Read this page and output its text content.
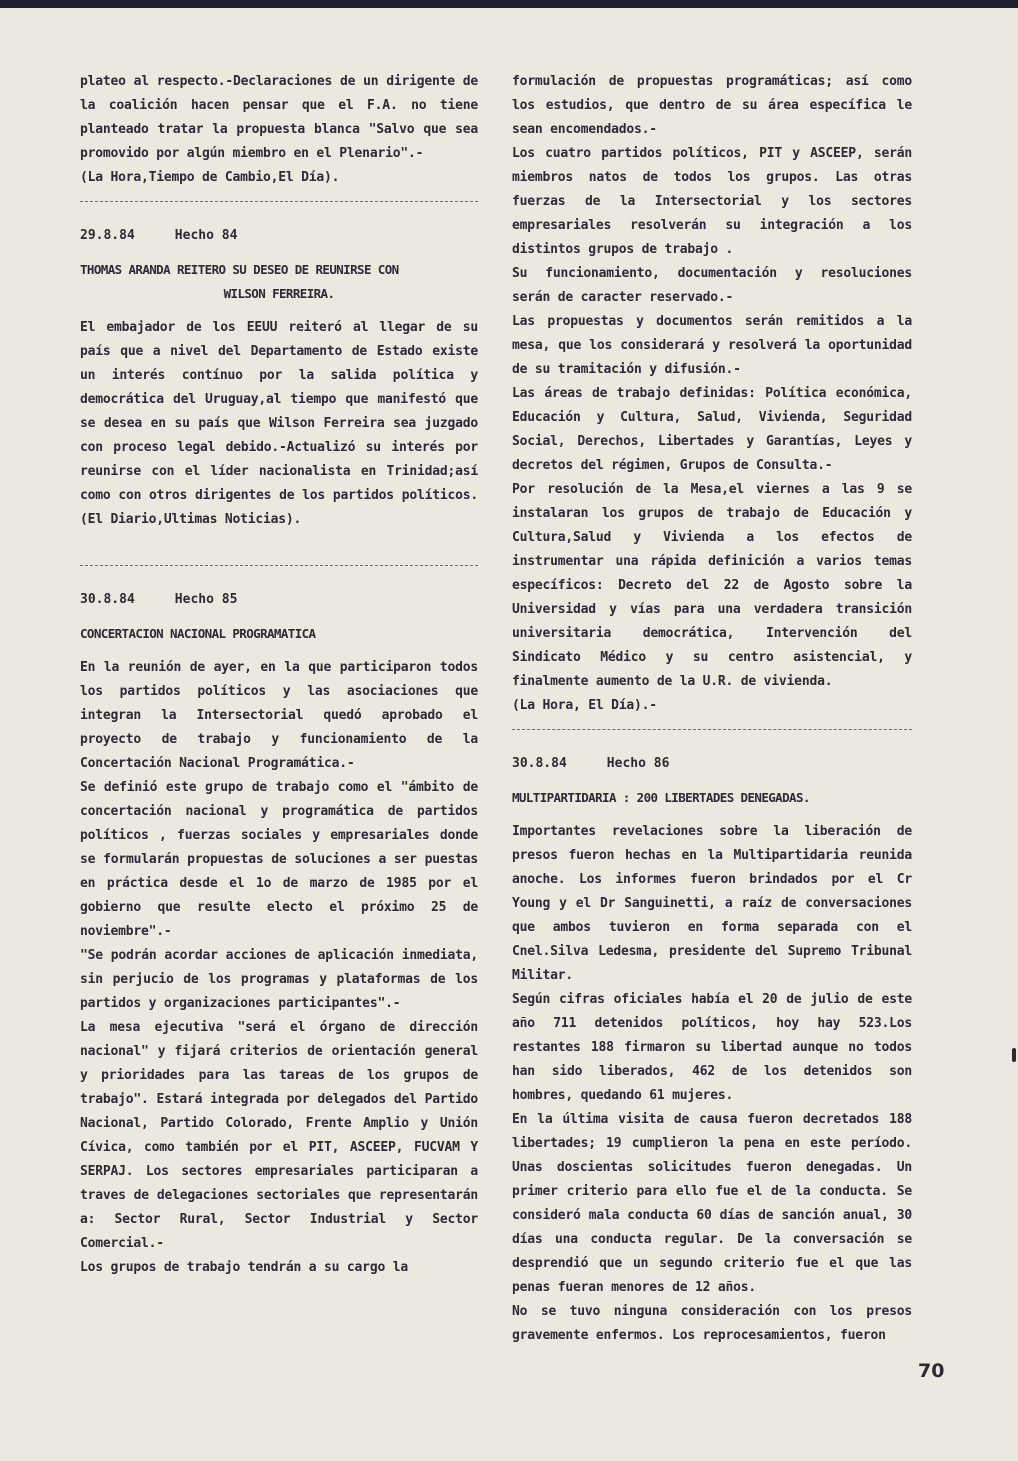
plateo al respecto.-Declaraciones de un dirigente de la coalición hacen pensar que el F.A. no tiene planteado tratar la propuesta blanca "Salvo que sea promovido por algún miembro en el Plenario".-

(La Hora,Tiempo de Cambio,El Día).

29.8.84	Hecho 84

THOMAS ARANDA REITERO SU DESEO DE REUNIRSE CON

WILSON FERREIRA.

El embajador de los EEUU reiteró al llegar de su país que a nivel del Departamento de Estado existe un interés contínuo por la salida política y democrática del Uruguay,al tiempo que manifestó que se desea en su país que Wilson Ferreira sea juzgado con proceso legal debido.-Actualizó su interés por reunirse con el líder nacionalista en Trinidad;así como con otros dirigentes de los partidos políticos. (El Diario,Ultimas Noticias).

30.8.84	Hecho 85

CONCERTACION NACIONAL PROGRAMATICA

En la reunión de ayer, en la que participaron todos los partidos políticos y las asociaciones que integran la Intersectorial quedó aprobado el proyecto de trabajo y funcionamiento de la Concertación Nacional Programática.-

Se definió este grupo de trabajo como el "ámbito de concertación nacional y programática de partidos políticos , fuerzas sociales y empresariales donde se formularán propuestas de soluciones a ser puestas en práctica desde el 1o de marzo de 1985 por el gobierno que resulte electo el próximo 25 de noviembre".-

"Se podrán acordar acciones de aplicación inmediata, sin perjucio de los programas y plataformas de los partidos y organizaciones participantes".-

La mesa ejecutiva "será el órgano de dirección nacional" y fijará criterios de orientación general y prioridades para las tareas de los grupos de trabajo". Estará integrada por delegados del Partido Nacional, Partido Colorado, Frente Amplio y Unión Cívica, como también por el PIT, ASCEEP, FUCVAM Y SERPAJ. Los sectores empresariales participaran a traves de delegaciones sectoriales que representarán a: Sector Rural, Sector Industrial y Sector Comercial.-

Los grupos de trabajo tendrán a su cargo la

formulación de propuestas programáticas; así como los estudios, que dentro de su área específica le sean encomendados.-

Los cuatro partidos políticos, PIT y ASCEEP, serán miembros natos de todos los grupos. Las otras fuerzas de la Intersectorial y los sectores empresariales resolverán su integración a los distintos grupos de trabajo .

Su funcionamiento, documentación y resoluciones serán de caracter reservado.-

Las propuestas y documentos serán remitidos a la mesa, que los considerará y resolverá la oportunidad de su tramitación y difusión.-

Las áreas de trabajo definidas: Política económica, Educación y Cultura, Salud, Vivienda, Seguridad Social, Derechos, Libertades y Garantías, Leyes y decretos del régimen, Grupos de Consulta.-

Por resolución de la Mesa,el viernes a las 9 se instalaran los grupos de trabajo de Educación y Cultura,Salud y Vivienda a los efectos de instrumentar una rápida definición a varios temas específicos: Decreto del 22 de Agosto sobre la Universidad y vías para una verdadera transición universitaria democrática, Intervención del Sindicato Médico y su centro asistencial, y finalmente aumento de la U.R. de vivienda.

(La Hora, El Día).-

30.8.84	Hecho 86

MULTIPARTIDARIA : 200 LIBERTADES DENEGADAS.

Importantes revelaciones sobre la liberación de presos fueron hechas en la Multipartidaria reunida anoche. Los informes fueron brindados por el Cr Young y el Dr Sanguinetti, a raíz de conversaciones que ambos tuvieron en forma separada con el Cnel.Silva Ledesma, presidente del Supremo Tribunal Militar.

Según cifras oficiales había el 20 de julio de este año 711 detenidos políticos, hoy hay 523.Los restantes 188 firmaron su libertad aunque no todos han sido liberados, 462 de los detenidos son hombres, quedando 61 mujeres.

En la última visita de causa fueron decretados 188 libertades; 19 cumplieron la pena en este período. Unas doscientas solicitudes fueron denegadas. Un primer criterio para ello fue el de la conducta. Se consideró mala conducta 60 días de sanción anual, 30 días una conducta regular. De la conversación se desprendió que un segundo criterio fue el que las penas fueran menores de 12 años.

No se tuvo ninguna consideración con los presos gravemente enfermos. Los reprocesamientos, fueron

70
